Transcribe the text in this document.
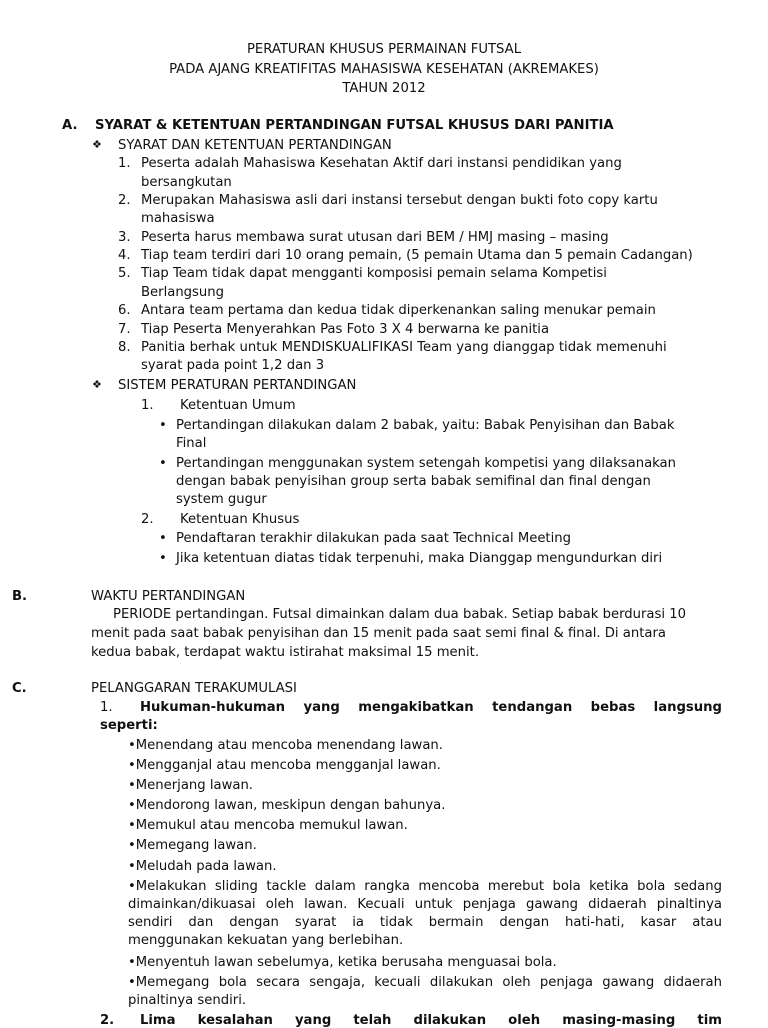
PERATURAN KHUSUS PERMAINAN FUTSAL
PADA AJANG KREATIFITAS MAHASISWA KESEHATAN (AKREMAKES)
TAHUN 2012
A. SYARAT & KETENTUAN PERTANDINGAN FUTSAL KHUSUS DARI PANITIA
❖ SYARAT DAN KETENTUAN PERTANDINGAN
1. Peserta adalah Mahasiswa Kesehatan Aktif dari instansi pendidikan yang
bersangkutan
2. Merupakan Mahasiswa asli dari instansi tersebut dengan bukti foto copy kartu
mahasiswa
3. Peserta harus membawa surat utusan dari BEM / HMJ masing – masing
4. Tiap team terdiri dari 10 orang pemain, (5 pemain Utama dan 5 pemain Cadangan)
5. Tiap Team tidak dapat mengganti komposisi pemain selama Kompetisi
Berlangsung
6. Antara team pertama dan kedua tidak diperkenankan saling menukar pemain
7. Tiap Peserta Menyerahkan Pas Foto 3 X 4 berwarna ke panitia
8. Panitia berhak untuk MENDISKUALIFIKASI Team yang dianggap tidak memenuhi
syarat pada point 1,2 dan 3
❖ SISTEM PERATURAN PERTANDINGAN
1. Ketentuan Umum
• Pertandingan dilakukan dalam 2 babak, yaitu: Babak Penyisihan dan Babak
Final
• Pertandingan menggunakan system setengah kompetisi yang dilaksanakan
dengan babak penyisihan group serta babak semifinal dan final dengan
system gugur
2. Ketentuan Khusus
• Pendaftaran terakhir dilakukan pada saat Technical Meeting
• Jika ketentuan diatas tidak terpenuhi, maka Dianggap mengundurkan diri
B.	WAKTU PERTANDINGAN
PERIODE pertandingan. Futsal dimainkan dalam dua babak. Setiap babak berdurasi 10
menit pada saat babak penyisihan dan 15 menit pada saat semi final & final. Di antara
kedua babak, terdapat waktu istirahat maksimal 15 menit.
C.	PELANGGARAN TERAKUMULASI
1. Hukuman-hukuman yang mengakibatkan tendangan bebas langsung
seperti:
•Menendang atau mencoba menendang lawan.
•Mengganjal atau mencoba mengganjal lawan.
•Menerjang lawan.
•Mendorong lawan, meskipun dengan bahunya.
•Memukul atau mencoba memukul lawan.
•Memegang lawan.
•Meludah pada lawan.
•Melakukan sliding tackle dalam rangka mencoba merebut bola ketika bola sedang
dimainkan/dikuasai oleh lawan. Kecuali untuk penjaga gawang didaerah pinaltinya
sendiri dan dengan syarat ia tidak bermain dengan hati-hati, kasar atau
menggunakan kekuatan yang berlebihan.
•Menyentuh lawan sebelumya, ketika berusaha menguasai bola.
•Memegang bola secara sengaja, kecuali dilakukan oleh penjaga gawang didaerah
pinaltinya sendiri.
2. Lima kesalahan yang telah dilakukan oleh masing-masing tim
